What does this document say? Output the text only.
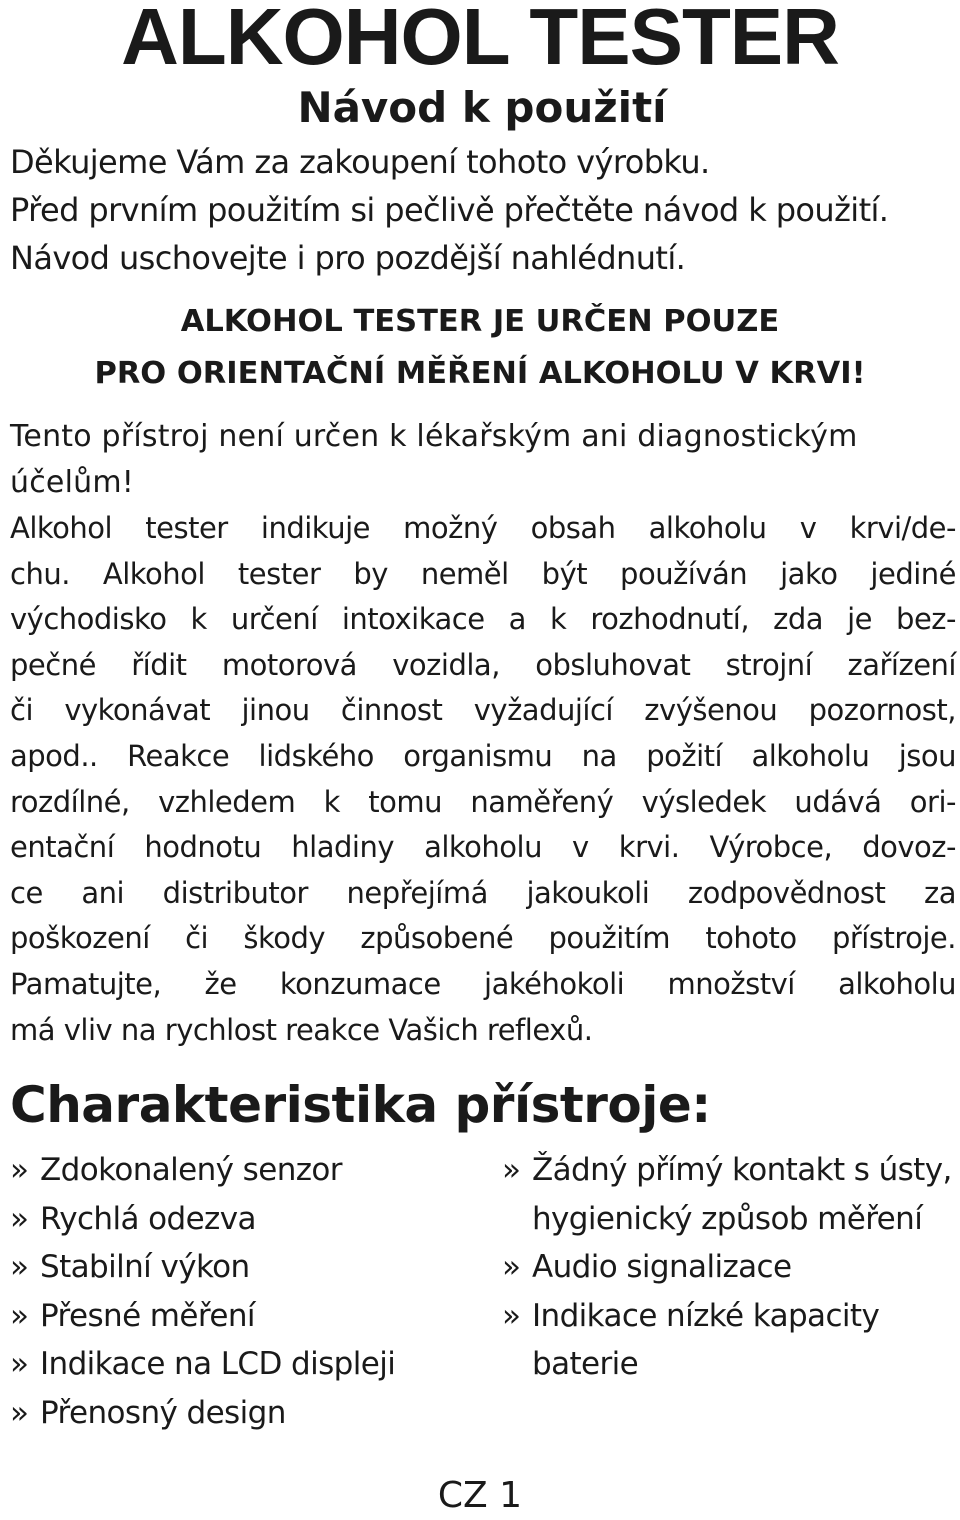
ALKOHOL TESTER
Návod k použití
Děkujeme Vám za zakoupení tohoto výrobku.
Před prvním použitím si pečlivě přečtěte návod k použití.
Návod uschovejte i pro pozdější nahlédnutí.
ALKOHOL TESTER JE URČEN POUZE
PRO ORIENTAČNÍ MĚŘENÍ ALKOHOLU V KRVI!
Tento přístroj není určen k lékařským ani diagnostickým
účelům!
Alkohol tester indikuje možný obsah alkoholu v krvi/de-
chu. Alkohol tester by neměl být používán jako jediné
východisko k určení intoxikace a k rozhodnutí, zda je bez-
pečné řídit motorová vozidla, obsluhovat strojní zařízení
či vykonávat jinou činnost vyžadující zvýšenou pozornost,
apod.. Reakce lidského organismu na požití alkoholu jsou
rozdílné, vzhledem k tomu naměřený výsledek udává ori-
entační hodnotu hladiny alkoholu v krvi. Výrobce, dovoz-
ce ani distributor nepřejímá jakoukoli zodpovědnost za
poškození či škody způsobené použitím tohoto přístroje.
Pamatujte, že konzumace jakéhokoli množství alkoholu
má vliv na rychlost reakce Vašich reflexů.
Charakteristika přístroje:
» Zdokonalený senzor
» Rychlá odezva
» Stabilní výkon
» Přesné měření
» Indikace na LCD displeji
» Přenosný design
» Žádný přímý kontakt s ústy,
hygienický způsob měření
» Audio signalizace
» Indikace nízké kapacity
baterie
CZ 1
